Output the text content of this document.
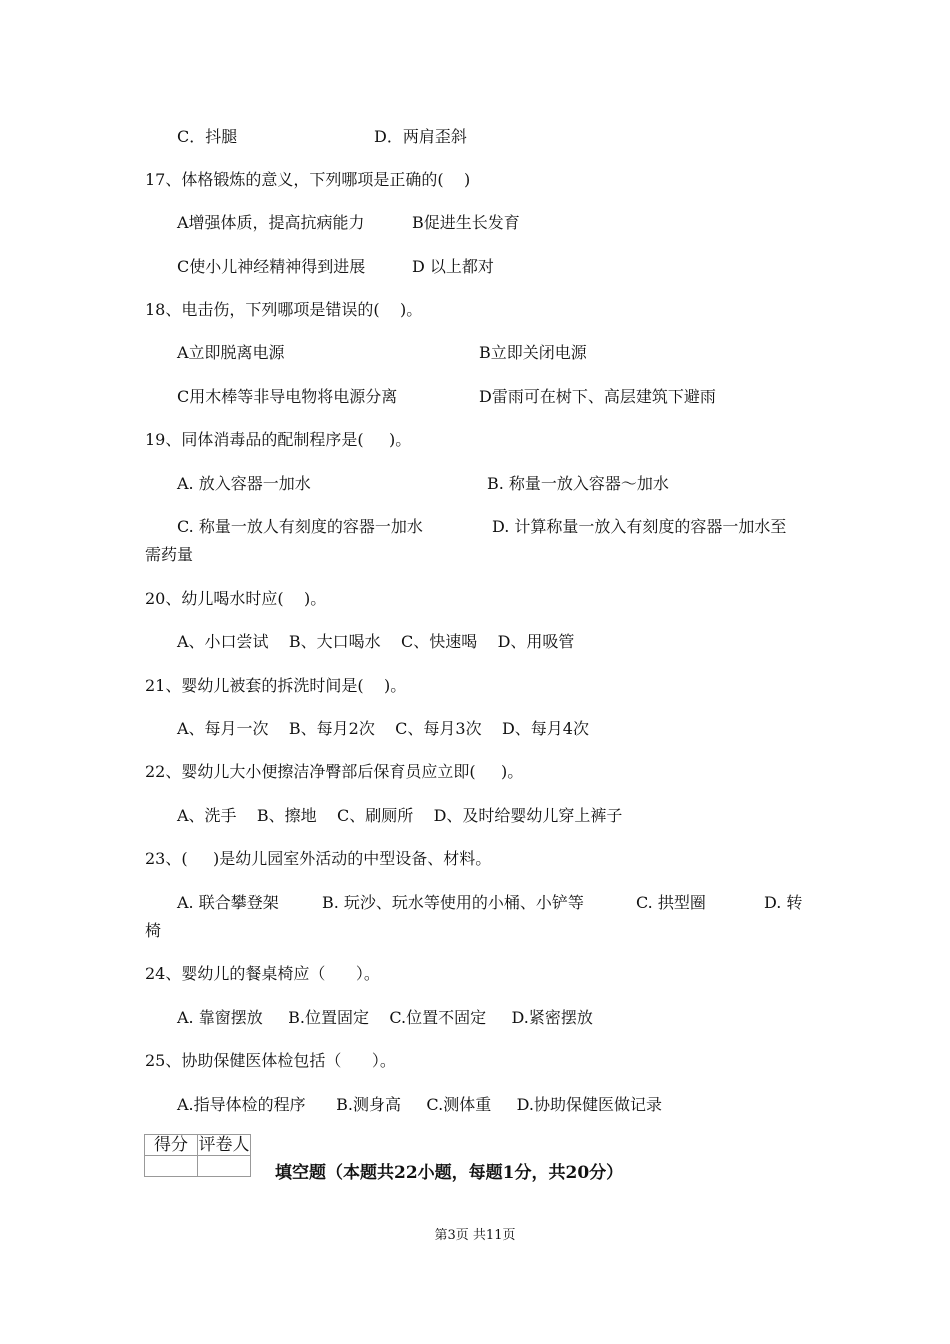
C．抖腿	D．两肩歪斜
17、体格锻炼的意义，下列哪项是正确的(    )
A增强体质，提高抗病能力	B促进生长发育
C使小儿神经精神得到进展	D 以上都对
18、电击伤，下列哪项是错误的(    )。
A立即脱离电源	B立即关闭电源
C用木棒等非导电物将电源分离	D雷雨可在树下、高层建筑下避雨
19、同体消毒品的配制程序是(     )。
A. 放入容器一加水	B. 称量一放入容器～加水
C. 称量一放人有刻度的容器一加水	D. 计算称量一放入有刻度的容器一加水至
需药量
20、幼儿喝水时应(    )。
A、小口尝试    B、大口喝水    C、快速喝    D、用吸管
21、婴幼儿被套的拆洗时间是(    )。
A、每月一次    B、每月2次    C、每月3次    D、每月4次
22、婴幼儿大小便擦洁净臀部后保育员应立即(     )。
A、洗手    B、擦地    C、刷厕所    D、及时给婴幼儿穿上裤子
23、(     )是幼儿园室外活动的中型设备、材料。
A. 联合攀登架	B. 玩沙、玩水等使用的小桶、小铲等	C. 拱型圈	D. 转
椅
24、婴幼儿的餐桌椅应（      ）。
A. 靠窗摆放     B.位置固定    C.位置不固定     D.紧密摆放
25、协助保健医体检包括（      ）。
A.指导体检的程序      B.测身高     C.测体重     D.协助保健医做记录
得分	评卷人

填空题（本题共22小题，每题1分，共20分）
第3页 共11页
